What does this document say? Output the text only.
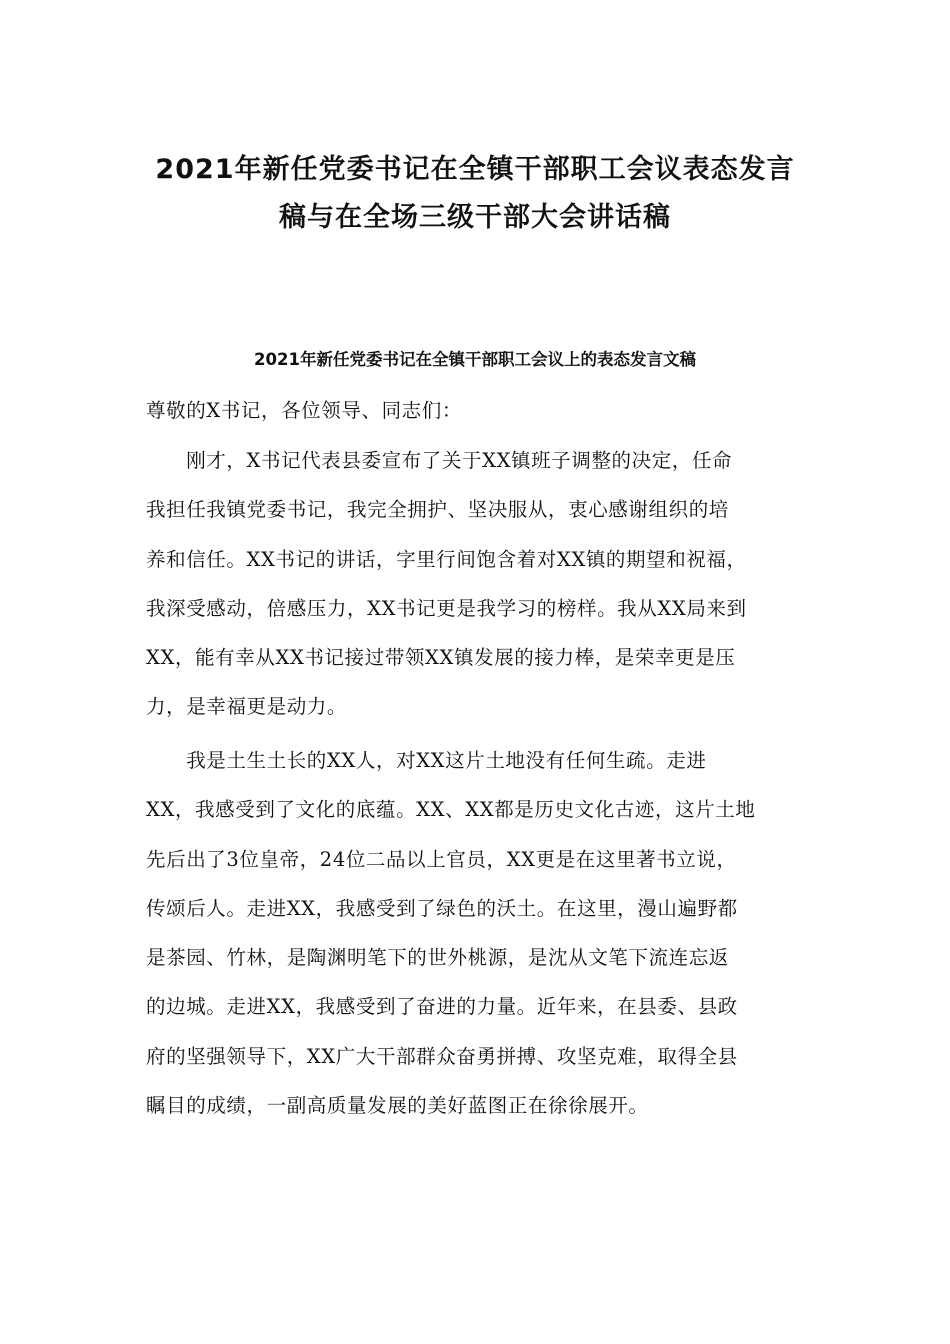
2021年新任党委书记在全镇干部职工会议表态发言
稿与在全场三级干部大会讲话稿
2021年新任党委书记在全镇干部职工会议上的表态发言文稿

尊敬的X书记，各位领导、同志们：

　　刚才，X书记代表县委宣布了关于XX镇班子调整的决定，任命
我担任我镇党委书记，我完全拥护、坚决服从，衷心感谢组织的培
养和信任。XX书记的讲话，字里行间饱含着对XX镇的期望和祝福，
我深受感动，倍感压力，XX书记更是我学习的榜样。我从XX局来到
XX，能有幸从XX书记接过带领XX镇发展的接力棒，是荣幸更是压
力，是幸福更是动力。

　　我是土生土长的XX人，对XX这片土地没有任何生疏。走进
XX，我感受到了文化的底蕴。XX、XX都是历史文化古迹，这片土地
先后出了3位皇帝，24位二品以上官员，XX更是在这里著书立说，
传颂后人。走进XX，我感受到了绿色的沃土。在这里，漫山遍野都
是茶园、竹林，是陶渊明笔下的世外桃源，是沈从文笔下流连忘返
的边城。走进XX，我感受到了奋进的力量。近年来，在县委、县政
府的坚强领导下，XX广大干部群众奋勇拼搏、攻坚克难，取得全县
瞩目的成绩，一副高质量发展的美好蓝图正在徐徐展开。
